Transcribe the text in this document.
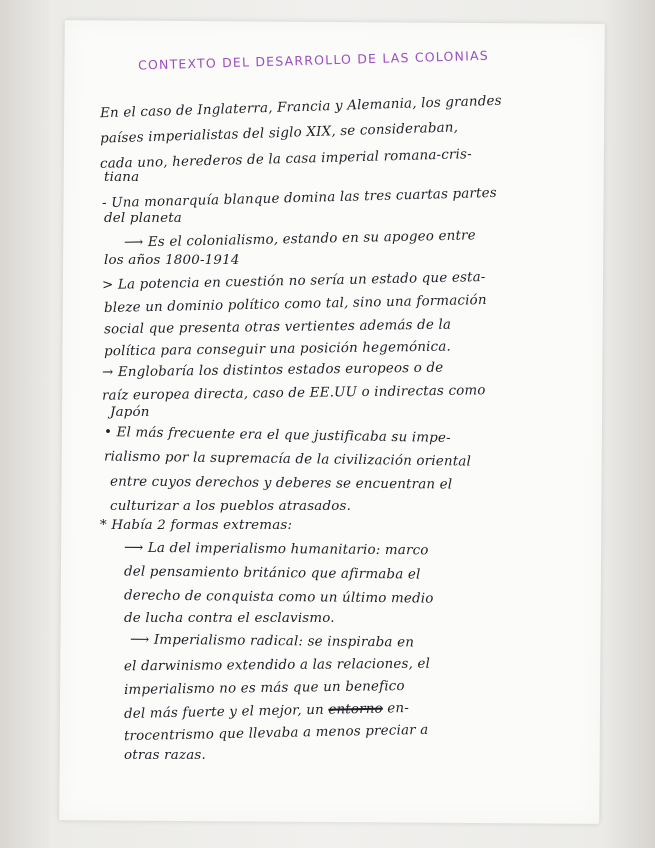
CONTEXTO DEL DESARROLLO DE LAS COLONIAS
En el caso de Inglaterra, Francia y Alemania, los grandes
países imperialistas del siglo XIX, se consideraban,
cada uno, herederos de la casa imperial romana-cris-
tiana
- Una monarquía blanque domina las tres cuartas partes
del planeta
⟶ Es el colonialismo, estando en su apogeo entre
los años 1800-1914
> La potencia en cuestión no sería un estado que esta-
bleze un dominio político como tal, sino una formación
social que presenta otras vertientes además de la
política para conseguir una posición hegemónica.
→ Englobaría los distintos estados europeos o de
raíz europea directa, caso de EE.UU o indirectas como
Japón
• El más frecuente era el que justificaba su impe-
rialismo por la supremacía de la civilización oriental
entre cuyos derechos y deberes se encuentran el
culturizar a los pueblos atrasados.
* Había 2 formas extremas:
⟶ La del imperialismo humanitario: marco
del pensamiento británico que afirmaba el
derecho de conquista como un último medio
de lucha contra el esclavismo.
⟶ Imperialismo radical: se inspiraba en
el darwinismo extendido a las relaciones, el
imperialismo no es más que un benefico
del más fuerte y el mejor, un entorno en-
trocentrismo que llevaba a menos preciar a
otras razas.
